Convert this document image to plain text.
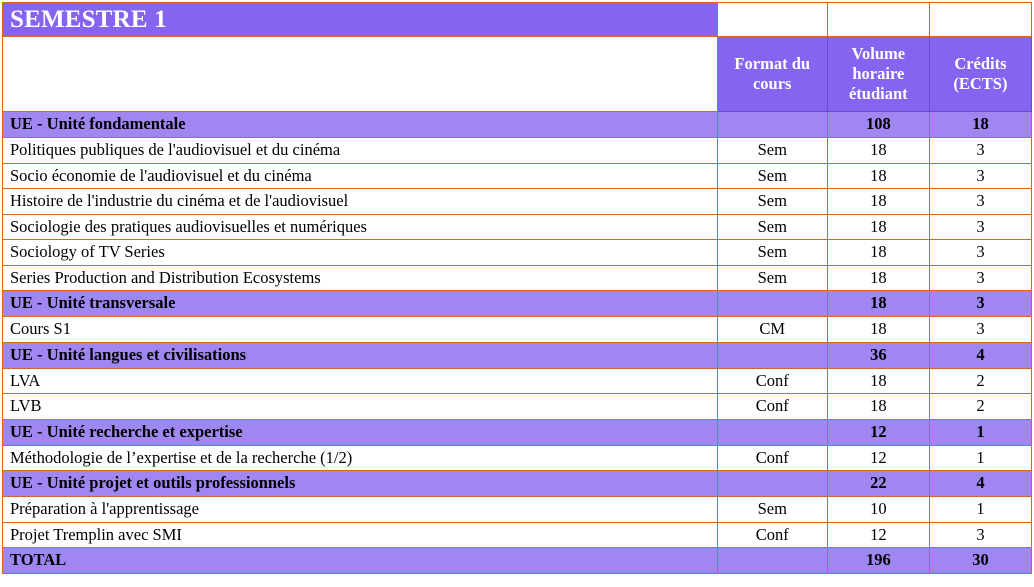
SEMESTRE 1			
	Format du cours	Volume horaire étudiant	Crédits (ECTS)
UE - Unité fondamentale		108	18
Politiques publiques de l'audiovisuel et du cinéma	Sem	18	3
Socio économie de l'audiovisuel et du cinéma	Sem	18	3
Histoire de l'industrie du cinéma et de l'audiovisuel	Sem	18	3
Sociologie des pratiques audiovisuelles et numériques	Sem	18	3
Sociology of TV Series	Sem	18	3
Series Production and Distribution Ecosystems	Sem	18	3
UE - Unité transversale		18	3
Cours S1	CM	18	3
UE - Unité langues et civilisations		36	4
LVA	Conf	18	2
LVB	Conf	18	2
UE - Unité recherche et expertise		12	1
Méthodologie de l’expertise et de la recherche (1/2)	Conf	12	1
UE - Unité projet et outils professionnels		22	4
Préparation à l'apprentissage	Sem	10	1
Projet Tremplin avec SMI	Conf	12	3
TOTAL		196	30
